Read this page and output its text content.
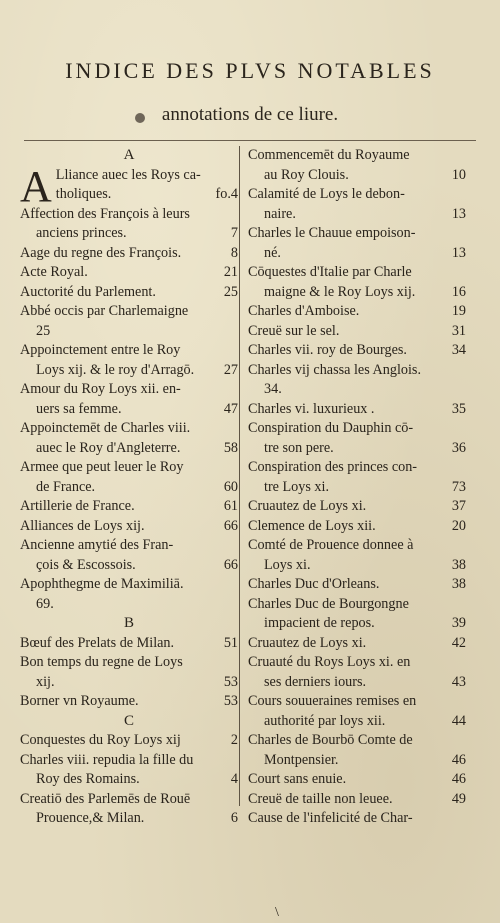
INDICE DES PLVS NOTABLES
annotations de ce liure.
A
A Lliance auec les Roys ca-
tholiques.	fo.4
Affection des François à leurs
anciens princes.	7
Aage du regne des François.	8
Acte Royal.	21
Auctorité du Parlement.	25
Abbé occis par Charlemaigne
25
Appoinctement entre le Roy
Loys xij. & le roy d'Arragō.	27
Amour du Roy Loys xii. en-
uers sa femme.	47
Appoinctemēt de Charles viii.
auec le Roy d'Angleterre.	58
Armee que peut leuer le Roy
de France.	60
Artillerie de France.	61
Alliances de Loys xij.	66
Ancienne amytié des Fran-
çois & Escossois.	66
Apophthegme de Maximiliā.
69.
B
Bœuf des Prelats de Milan.	51
Bon temps du regne de Loys
xij.	53
Borner vn Royaume.	53
C
Conquestes du Roy Loys xij	2
Charles viii. repudia la fille du
Roy des Romains.	4
Creatiō des Parlemēs de Rouē
Prouence,& Milan.	6
Commencemēt du Royaume
au Roy Clouis.	10
Calamité de Loys le debon-
naire.	13
Charles le Chauue empoison-
né.	13
Cōquestes d'Italie par Charle
maigne & le Roy Loys xij.	16
Charles d'Amboise.	19
Creuë sur le sel.	31
Charles vii. roy de Bourges.	34
Charles vij chassa les Anglois.
34.
Charles vi. luxurieux .	35
Conspiration du Dauphin cō-
tre son pere.	36
Conspiration des princes con-
tre Loys xi.	73
Cruautez de Loys xi.	37
Clemence de Loys xii.	20
Comté de Prouence donnee à
Loys xi.	38
Charles Duc d'Orleans.	38
Charles Duc de Bourgongne
impacient de repos.	39
Cruautez de Loys xi.	42
Cruauté du Roys Loys xi. en
ses derniers iours.	43
Cours souueraines remises en
authorité par loys xii.	44
Charles de Bourbō Comte de
Montpensier.	46
Court sans enuie.	46
Creuë de taille non leuee.	49
Cause de l'infelicité de Char-
\
